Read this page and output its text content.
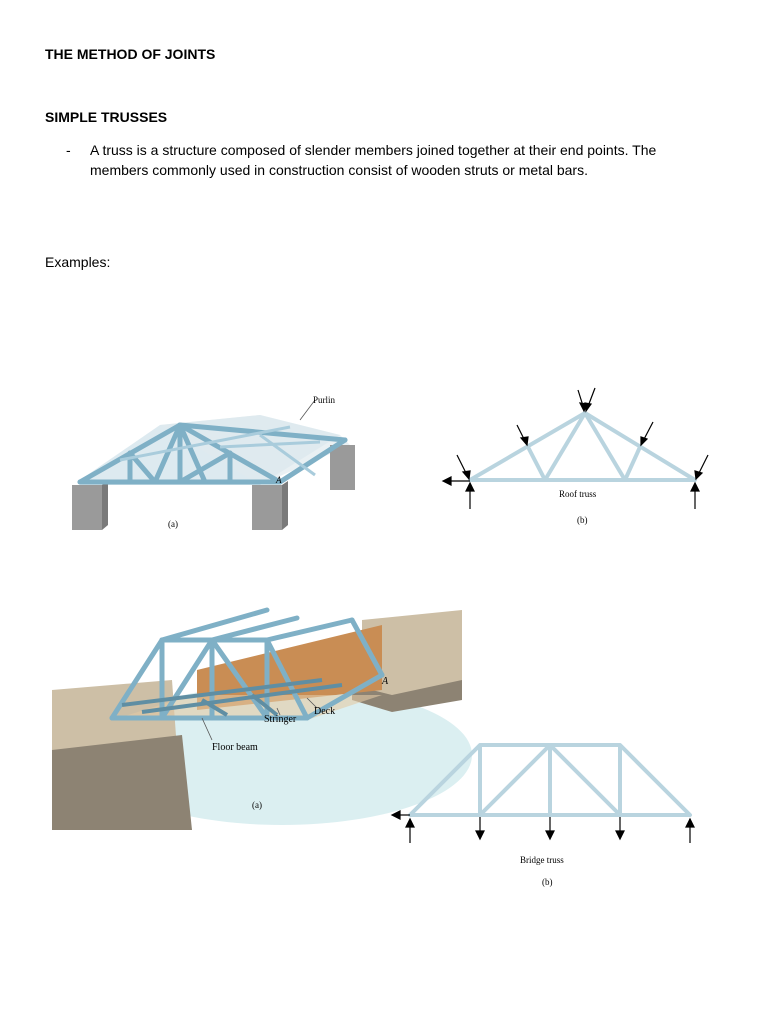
THE METHOD OF JOINTS
SIMPLE TRUSSES
- A truss is a structure composed of slender members joined together at their end points. The members commonly used in construction consist of wooden struts or metal bars.
Examples:
Purlin
A
(a)
Roof truss
(b)
Deck
Stringer
Floor beam
A
(a)
Bridge truss
(b)
